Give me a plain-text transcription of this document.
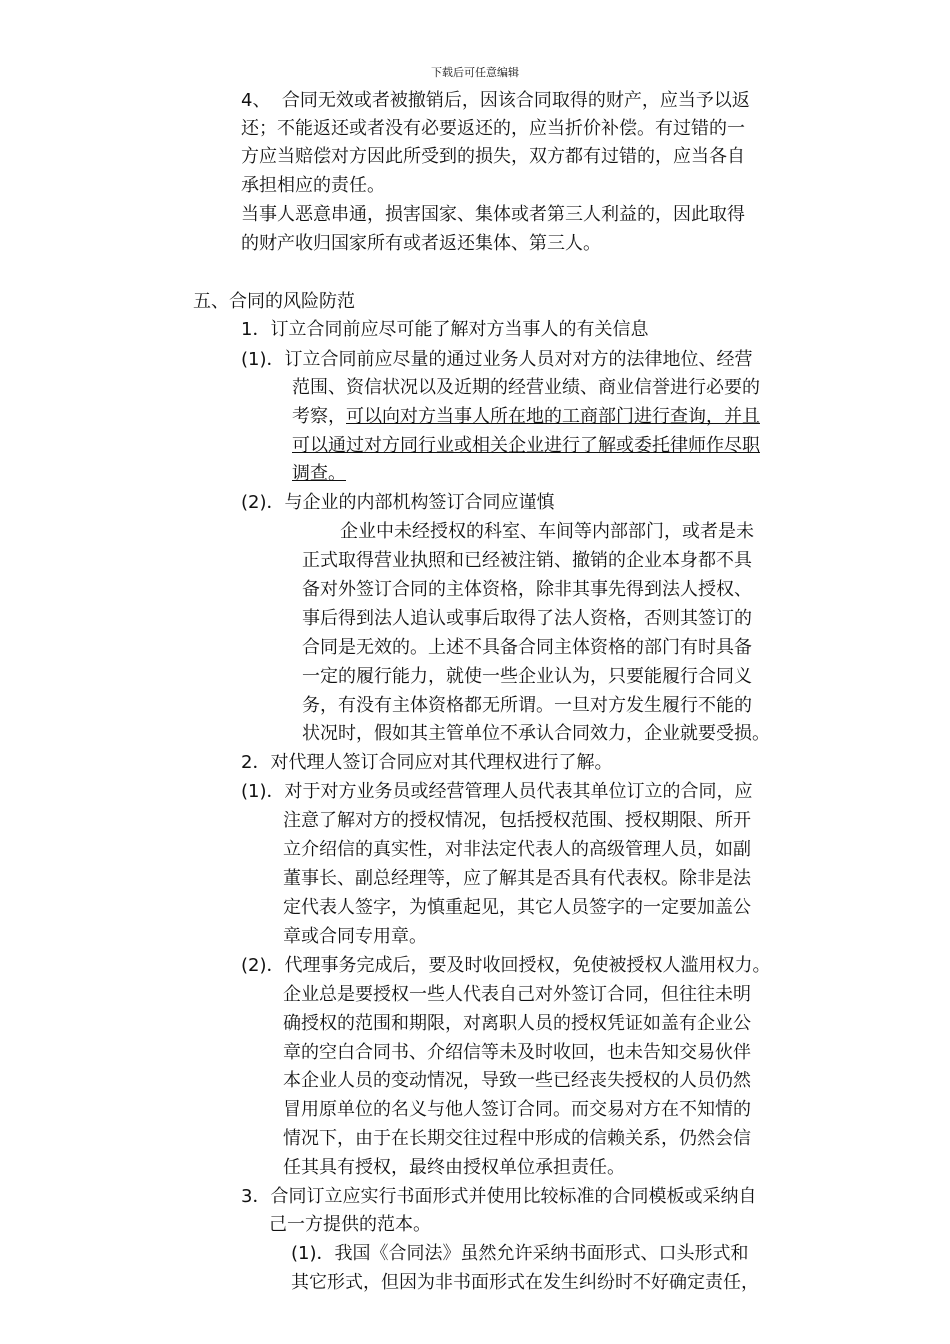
下载后可任意编辑
4、  合同无效或者被撤销后，因该合同取得的财产，应当予以返
还；不能返还或者没有必要返还的，应当折价补偿。有过错的一
方应当赔偿对方因此所受到的损失，双方都有过错的，应当各自
承担相应的责任。
当事人恶意串通，损害国家、集体或者第三人利益的，因此取得
的财产收归国家所有或者返还集体、第三人。
五、合同的风险防范
1．订立合同前应尽可能了解对方当事人的有关信息
(1)．订立合同前应尽量的通过业务人员对对方的法律地位、经营
范围、资信状况以及近期的经营业绩、商业信誉进行必要的
考察，可以向对方当事人所在地的工商部门进行查询，并且
可以通过对方同行业或相关企业进行了解或委托律师作尽职
调查。
(2)．与企业的内部机构签订合同应谨慎
企业中未经授权的科室、车间等内部部门，或者是未
正式取得营业执照和已经被注销、撤销的企业本身都不具
备对外签订合同的主体资格，除非其事先得到法人授权、
事后得到法人追认或事后取得了法人资格，否则其签订的
合同是无效的。上述不具备合同主体资格的部门有时具备
一定的履行能力，就使一些企业认为，只要能履行合同义
务，有没有主体资格都无所谓。一旦对方发生履行不能的
状况时，假如其主管单位不承认合同效力，企业就要受损。
2．对代理人签订合同应对其代理权进行了解。
(1)．对于对方业务员或经营管理人员代表其单位订立的合同，应
注意了解对方的授权情况，包括授权范围、授权期限、所开
立介绍信的真实性，对非法定代表人的高级管理人员，如副
董事长、副总经理等，应了解其是否具有代表权。除非是法
定代表人签字，为慎重起见，其它人员签字的一定要加盖公
章或合同专用章。
(2)．代理事务完成后，要及时收回授权，免使被授权人滥用权力。
企业总是要授权一些人代表自己对外签订合同，但往往未明
确授权的范围和期限，对离职人员的授权凭证如盖有企业公
章的空白合同书、介绍信等未及时收回，也未告知交易伙伴
本企业人员的变动情况，导致一些已经丧失授权的人员仍然
冒用原单位的名义与他人签订合同。而交易对方在不知情的
情况下，由于在长期交往过程中形成的信赖关系，仍然会信
任其具有授权，最终由授权单位承担责任。
3．合同订立应实行书面形式并使用比较标准的合同模板或采纳自
己一方提供的范本。
(1)．我国《合同法》虽然允许采纳书面形式、口头形式和
其它形式，但因为非书面形式在发生纠纷时不好确定责任，
